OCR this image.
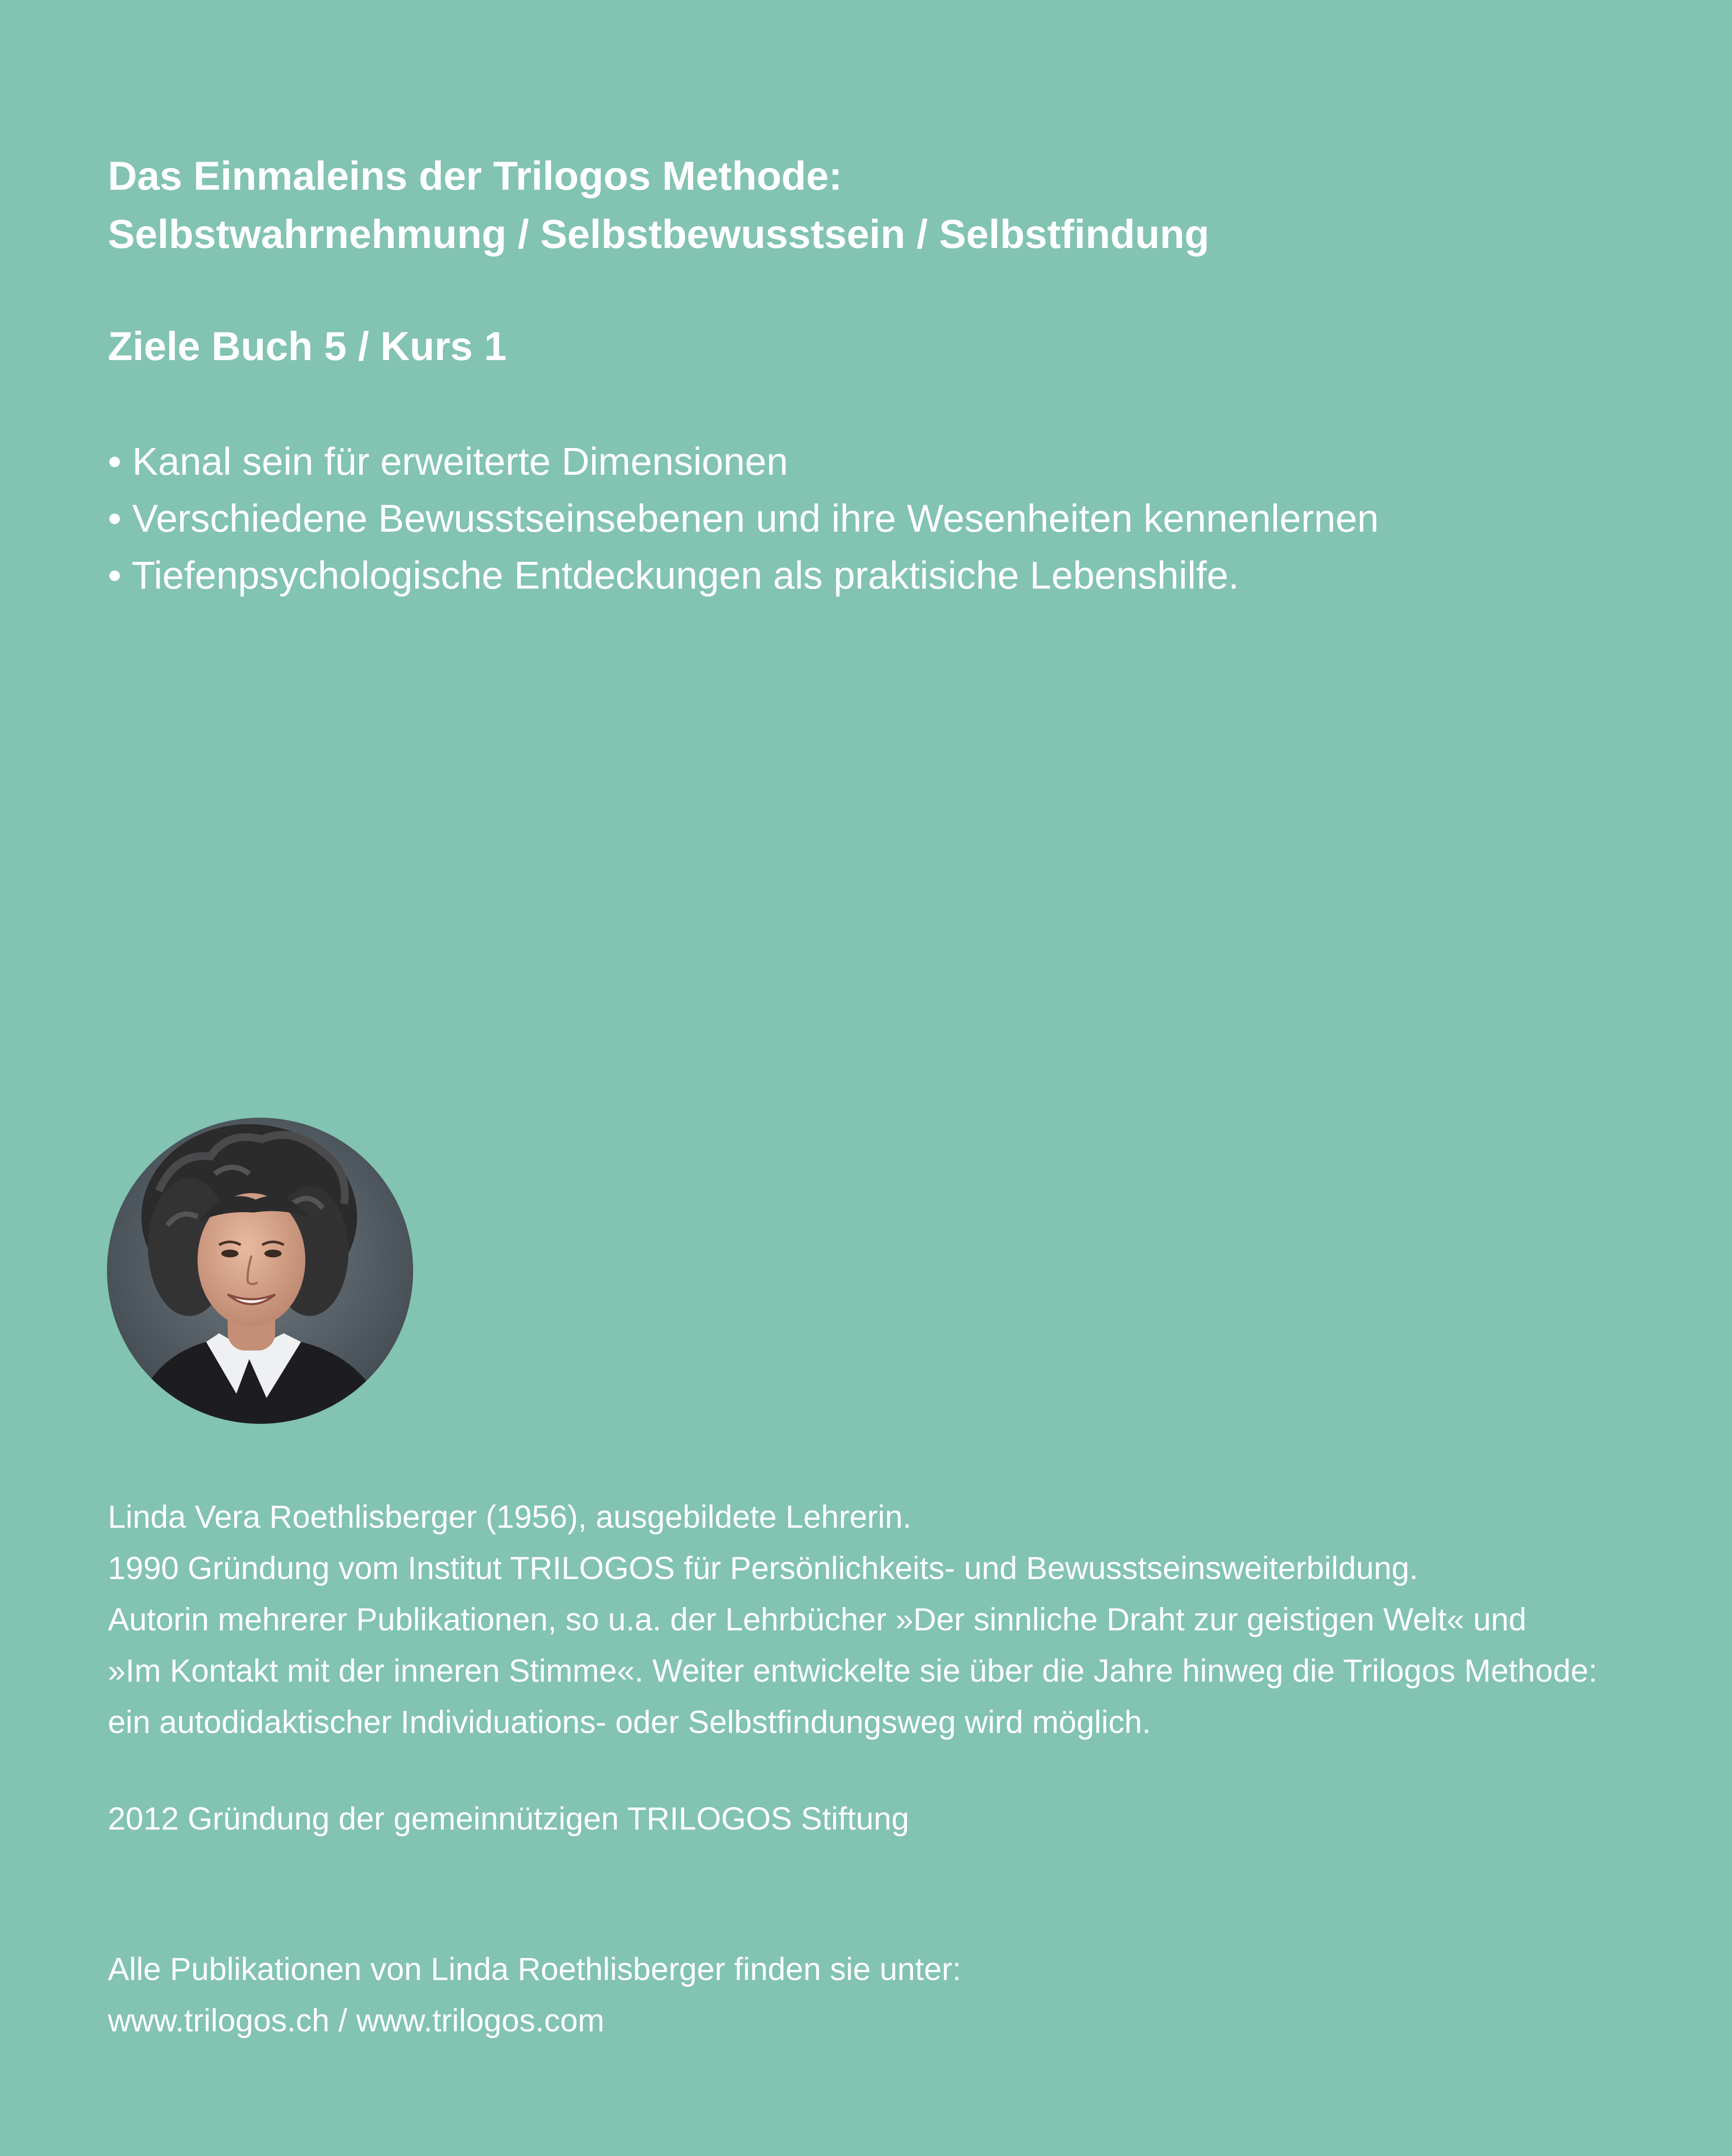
Das Einmaleins der Trilogos Methode:
Selbstwahrnehmung / Selbstbewusstsein / Selbstfindung
Ziele Buch 5 / Kurs 1
• Kanal sein für erweiterte Dimensionen
• Verschiedene Bewusstseinsebenen und ihre Wesenheiten kennenlernen
• Tiefenpsychologische Entdeckungen als praktisiche Lebenshilfe.
Linda Vera Roethlisberger (1956), ausgebildete Lehrerin.
1990 Gründung vom Institut TRILOGOS für Persönlichkeits- und Bewusstseinsweiterbildung.
Autorin mehrerer Publikationen, so u.a. der Lehrbücher »Der sinnliche Draht zur geistigen Welt« und
»Im Kontakt mit der inneren Stimme«. Weiter entwickelte sie über die Jahre hinweg die Trilogos Methode:
ein autodidaktischer Individuations- oder Selbstfindungsweg wird möglich.
2012 Gründung der gemeinnützigen TRILOGOS Stiftung
Alle Publikationen von Linda Roethlisberger finden sie unter:
www.trilogos.ch / www.trilogos.com
